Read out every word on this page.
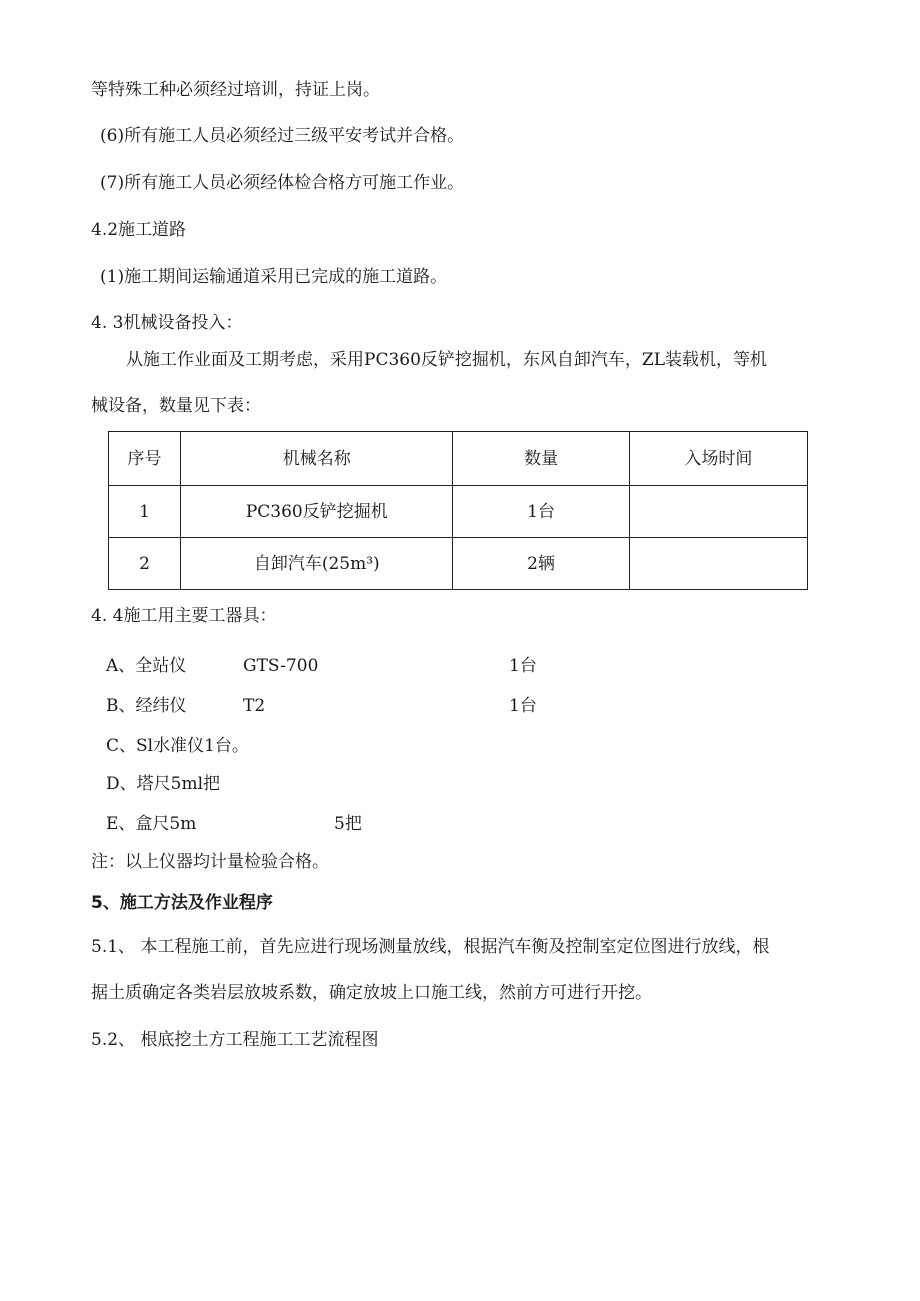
等特殊工种必须经过培训，持证上岗。
(6)所有施工人员必须经过三级平安考试并合格。
(7)所有施工人员必须经体检合格方可施工作业。
4.2施工道路
(1)施工期间运输通道采用已完成的施工道路。
4. 3机械设备投入：
从施工作业面及工期考虑，采用PC360反铲挖掘机，东风自卸汽车，ZL装载机，等机
械设备，数量见下表：
序号	机械名称	数量	入场时间
1	PC360反铲挖掘机	1台	
2	自卸汽车(25m³)	2辆	
4. 4施工用主要工器具：
A、全站仪	GTS-700	1台
B、经纬仪	T2	1台
C、Sl水准仪1台。
D、塔尺5ml把
E、盒尺5m	5把
注：以上仪器均计量检验合格。
5、施工方法及作业程序
5.1、 本工程施工前，首先应进行现场测量放线，根据汽车衡及控制室定位图进行放线，根
据土质确定各类岩层放坡系数，确定放坡上口施工线，然前方可进行开挖。
5.2、 根底挖土方工程施工工艺流程图
